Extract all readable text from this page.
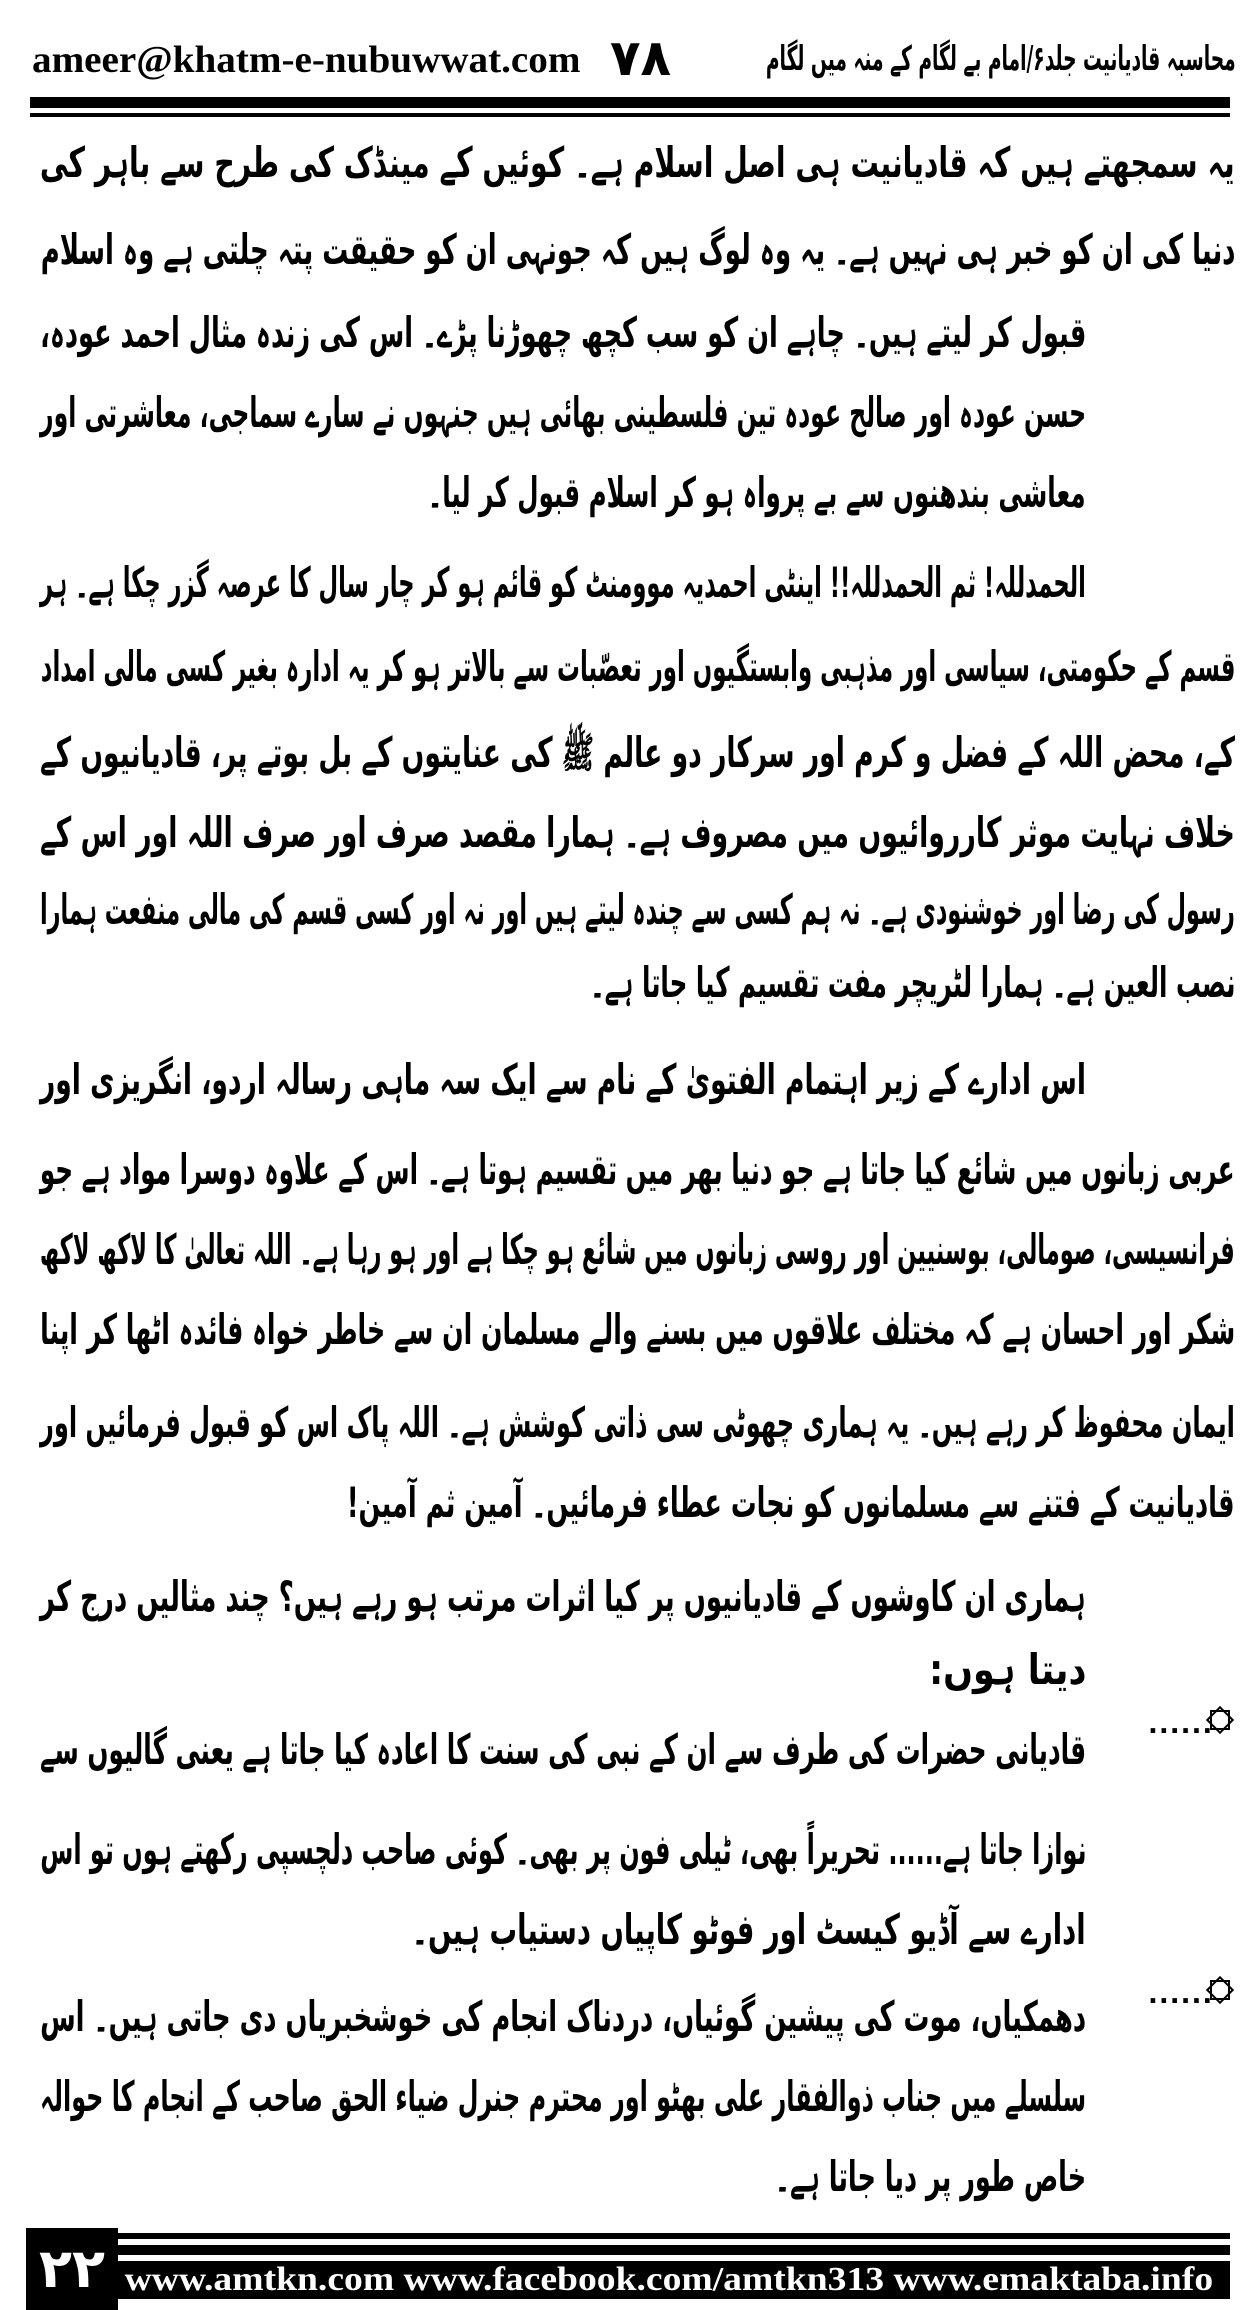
ameer@khatm-e-nubuwwat.com ۷۸	محاسبہ قادیانیت جلد۶/امام بے لگام کے منہ میں لگام
یہ سمجھتے ہیں کہ قادیانیت ہی اصل اسلام ہے۔ کوئیں کے مینڈک کی طرح سے باہر کی
دنیا کی ان کو خبر ہی نہیں ہے۔ یہ وہ لوگ ہیں کہ جونہی ان کو حقیقت پتہ چلتی ہے وہ اسلام
قبول کر لیتے ہیں۔ چاہے ان کو سب کچھ چھوڑنا پڑے۔ اس کی زندہ مثال احمد عودہ،
حسن عودہ اور صالح عودہ تین فلسطینی بھائی ہیں جنہوں نے سارے سماجی، معاشرتی اور
معاشی بندھنوں سے بے پرواہ ہو کر اسلام قبول کر لیا۔
الحمدللہ! ثم الحمدللہ!! اینٹی احمدیہ موومنٹ کو قائم ہو کر چار سال کا عرصہ گزر چکا ہے۔ ہر
قسم کے حکومتی، سیاسی اور مذہبی وابستگیوں اور تعصّبات سے بالاتر ہو کر یہ ادارہ بغیر کسی مالی امداد
کے، محض اللہ کے فضل و کرم اور سرکار دو عالم ﷺ کی عنایتوں کے بل بوتے پر، قادیانیوں کے
خلاف نہایت موثر کارروائیوں میں مصروف ہے۔ ہمارا مقصد صرف اور صرف اللہ اور اس کے
رسول کی رضا اور خوشنودی ہے۔ نہ ہم کسی سے چندہ لیتے ہیں اور نہ اور کسی قسم کی مالی منفعت ہمارا
نصب العین ہے۔ ہمارا لٹریچر مفت تقسیم کیا جاتا ہے۔
اس ادارے کے زیر اہتمام الفتویٰ کے نام سے ایک سہ ماہی رسالہ اردو، انگریزی اور
عربی زبانوں میں شائع کیا جاتا ہے جو دنیا بھر میں تقسیم ہوتا ہے۔ اس کے علاوہ دوسرا مواد ہے جو
فرانسیسی، صومالی، بوسنیین اور روسی زبانوں میں شائع ہو چکا ہے اور ہو رہا ہے۔ اللہ تعالیٰ کا لاکھ لاکھ
شکر اور احسان ہے کہ مختلف علاقوں میں بسنے والے مسلمان ان سے خاطر خواہ فائدہ اٹھا کر اپنا
ایمان محفوظ کر رہے ہیں۔ یہ ہماری چھوٹی سی ذاتی کوشش ہے۔ اللہ پاک اس کو قبول فرمائیں اور
قادیانیت کے فتنے سے مسلمانوں کو نجات عطاء فرمائیں۔ آمین ثم آمین!
ہماری ان کاوشوں کے قادیانیوں پر کیا اثرات مرتب ہو رہے ہیں؟ چند مثالیں درج کر
دیتا ہوں:
......
قادیانی حضرات کی طرف سے ان کے نبی کی سنت کا اعادہ کیا جاتا ہے یعنی گالیوں سے
نوازا جاتا ہے...... تحریراً بھی، ٹیلی فون پر بھی۔ کوئی صاحب دلچسپی رکھتے ہوں تو اس
ادارے سے آڈیو کیسٹ اور فوٹو کاپیاں دستیاب ہیں۔
......
دھمکیاں، موت کی پیشین گوئیاں، دردناک انجام کی خوشخبریاں دی جاتی ہیں۔ اس
سلسلے میں جناب ذوالفقار علی بھٹو اور محترم جنرل ضیاء الحق صاحب کے انجام کا حوالہ
خاص طور پر دیا جاتا ہے۔
۲۲ www.amtkn.com www.facebook.com/amtkn313 www.emaktaba.info
